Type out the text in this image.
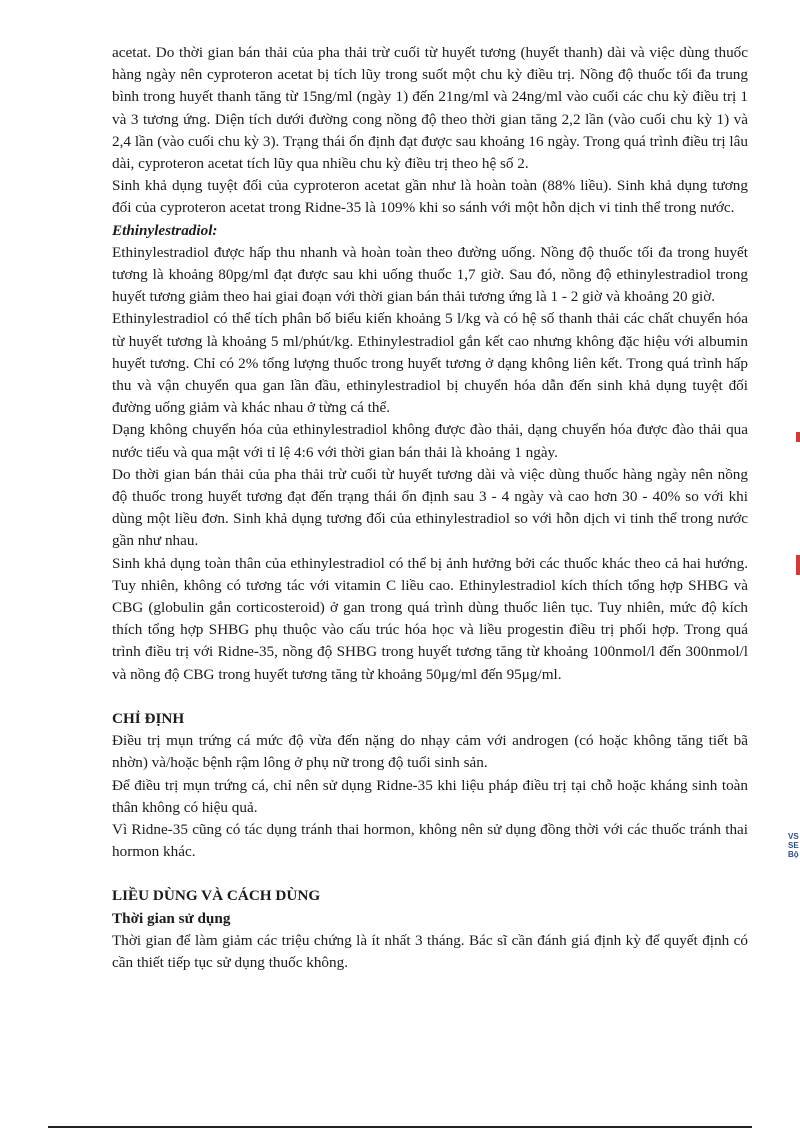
acetat. Do thời gian bán thải của pha thải trừ cuối từ huyết tương (huyết thanh) dài và việc dùng thuốc hàng ngày nên cyproteron acetat bị tích lũy trong suốt một chu kỳ điều trị. Nồng độ thuốc tối đa trung bình trong huyết thanh tăng từ 15ng/ml (ngày 1) đến 21ng/ml và 24ng/ml vào cuối các chu kỳ điều trị 1 và 3 tương ứng. Diện tích dưới đường cong nồng độ theo thời gian tăng 2,2 lần (vào cuối chu kỳ 1) và 2,4 lần (vào cuối chu kỳ 3). Trạng thái ổn định đạt được sau khoảng 16 ngày. Trong quá trình điều trị lâu dài, cyproteron acetat tích lũy qua nhiều chu kỳ điều trị theo hệ số 2.

Sinh khả dụng tuyệt đối của cyproteron acetat gần như là hoàn toàn (88% liều). Sinh khả dụng tương đối của cyproteron acetat trong Ridne-35 là 109% khi so sánh với một hỗn dịch vi tinh thể trong nước.

Ethinylestradiol:

Ethinylestradiol được hấp thu nhanh và hoàn toàn theo đường uống. Nồng độ thuốc tối đa trong huyết tương là khoảng 80pg/ml đạt được sau khi uống thuốc 1,7 giờ. Sau đó, nồng độ ethinylestradiol trong huyết tương giảm theo hai giai đoạn với thời gian bán thải tương ứng là 1 - 2 giờ và khoảng 20 giờ.

Ethinylestradiol có thể tích phân bố biểu kiến khoảng 5 l/kg và có hệ số thanh thải các chất chuyển hóa từ huyết tương là khoảng 5 ml/phút/kg. Ethinylestradiol gắn kết cao nhưng không đặc hiệu với albumin huyết tương. Chỉ có 2% tổng lượng thuốc trong huyết tương ở dạng không liên kết. Trong quá trình hấp thu và vận chuyển qua gan lần đầu, ethinylestradiol bị chuyển hóa dẫn đến sinh khả dụng tuyệt đối đường uống giảm và khác nhau ở từng cá thể.

Dạng không chuyển hóa của ethinylestradiol không được đào thải, dạng chuyển hóa được đào thải qua nước tiểu và qua mật với tỉ lệ 4:6 với thời gian bán thải là khoảng 1 ngày.

Do thời gian bán thải của pha thải trừ cuối từ huyết tương dài và việc dùng thuốc hàng ngày nên nồng độ thuốc trong huyết tương đạt đến trạng thái ổn định sau 3 - 4 ngày và cao hơn 30 - 40% so với khi dùng một liều đơn. Sinh khả dụng tương đối của ethinylestradiol so với hỗn dịch vi tinh thể trong nước gần như nhau.

Sinh khả dụng toàn thân của ethinylestradiol có thể bị ảnh hưởng bởi các thuốc khác theo cả hai hướng. Tuy nhiên, không có tương tác với vitamin C liều cao. Ethinylestradiol kích thích tổng hợp SHBG và CBG (globulin gắn corticosteroid) ở gan trong quá trình dùng thuốc liên tục. Tuy nhiên, mức độ kích thích tổng hợp SHBG phụ thuộc vào cấu trúc hóa học và liều progestin điều trị phối hợp. Trong quá trình điều trị với Ridne-35, nồng độ SHBG trong huyết tương tăng từ khoảng 100nmol/l đến 300nmol/l và nồng độ CBG trong huyết tương tăng từ khoảng 50μg/ml đến 95μg/ml.

CHỈ ĐỊNH

Điều trị mụn trứng cá mức độ vừa đến nặng do nhạy cảm với androgen (có hoặc không tăng tiết bã nhờn) và/hoặc bệnh rậm lông ở phụ nữ trong độ tuổi sinh sản.

Để điều trị mụn trứng cá, chỉ nên sử dụng Ridne-35 khi liệu pháp điều trị tại chỗ hoặc kháng sinh toàn thân không có hiệu quả.

Vì Ridne-35 cũng có tác dụng tránh thai hormon, không nên sử dụng đồng thời với các thuốc tránh thai hormon khác.

LIỀU DÙNG VÀ CÁCH DÙNG

Thời gian sử dụng

Thời gian để làm giảm các triệu chứng là ít nhất 3 tháng. Bác sĩ cần đánh giá định kỳ để quyết định có cần thiết tiếp tục sử dụng thuốc không.

VS
SE
Bộ
